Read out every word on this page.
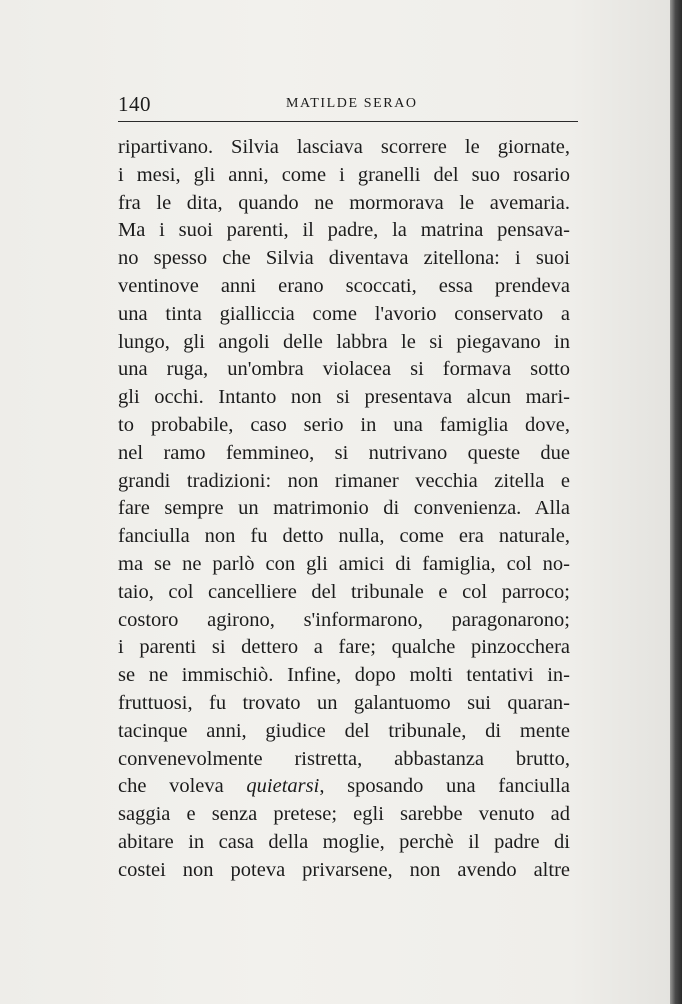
140	MATILDE SERAO
ripartivano. Silvia lasciava scorrere le giornate,
i mesi, gli anni, come i granelli del suo rosario
fra le dita, quando ne mormorava le avemaria.
Ma i suoi parenti, il padre, la matrina pensava-
no spesso che Silvia diventava zitellona: i suoi
ventinove anni erano scoccati, essa prendeva
una tinta gialliccia come l'avorio conservato a
lungo, gli angoli delle labbra le si piegavano in
una ruga, un'ombra violacea si formava sotto
gli occhi. Intanto non si presentava alcun mari-
to probabile, caso serio in una famiglia dove,
nel ramo femmineo, si nutrivano queste due
grandi tradizioni: non rimaner vecchia zitella e
fare sempre un matrimonio di convenienza. Alla
fanciulla non fu detto nulla, come era naturale,
ma se ne parlò con gli amici di famiglia, col no-
taio, col cancelliere del tribunale e col parroco;
costoro agirono, s'informarono, paragonarono;
i parenti si dettero a fare; qualche pinzocchera
se ne immischiò. Infine, dopo molti tentativi in-
fruttuosi, fu trovato un galantuomo sui quaran-
tacinque anni, giudice del tribunale, di mente
convenevolmente ristretta, abbastanza brutto,
che voleva quietarsi, sposando una fanciulla
saggia e senza pretese; egli sarebbe venuto ad
abitare in casa della moglie, perchè il padre di
costei non poteva privarsene, non avendo altre
